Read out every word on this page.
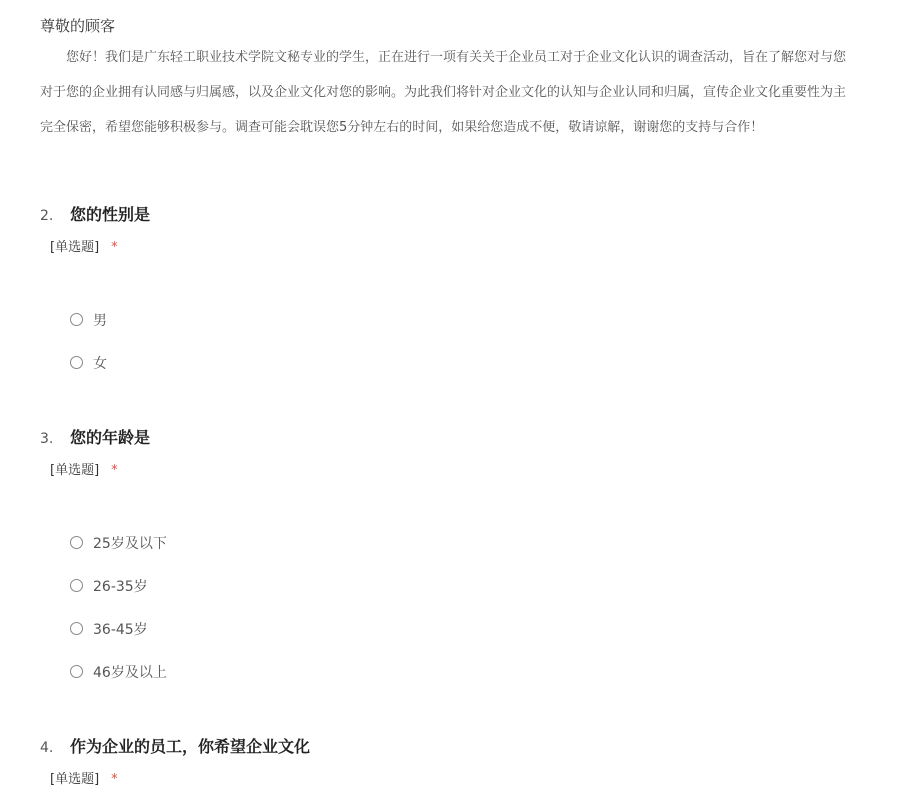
尊敬的顾客
　　您好！我们是广东轻工职业技术学院文秘专业的学生，正在进行一项有关关于企业员工对于企业文化认识的调查活动，旨在了解您对与您
对于您的企业拥有认同感与归属感，以及企业文化对您的影响。为此我们将针对企业文化的认知与企业认同和归属，宣传企业文化重要性为主
完全保密，希望您能够积极参与。调查可能会耽误您5分钟左右的时间，如果给您造成不便，敬请谅解，谢谢您的支持与合作！
2.	您的性别是
[单选题] *
男
女
3.	您的年龄是
[单选题] *
25岁及以下
26-35岁
36-45岁
46岁及以上
4.	作为企业的员工，你希望企业文化
[单选题] *
